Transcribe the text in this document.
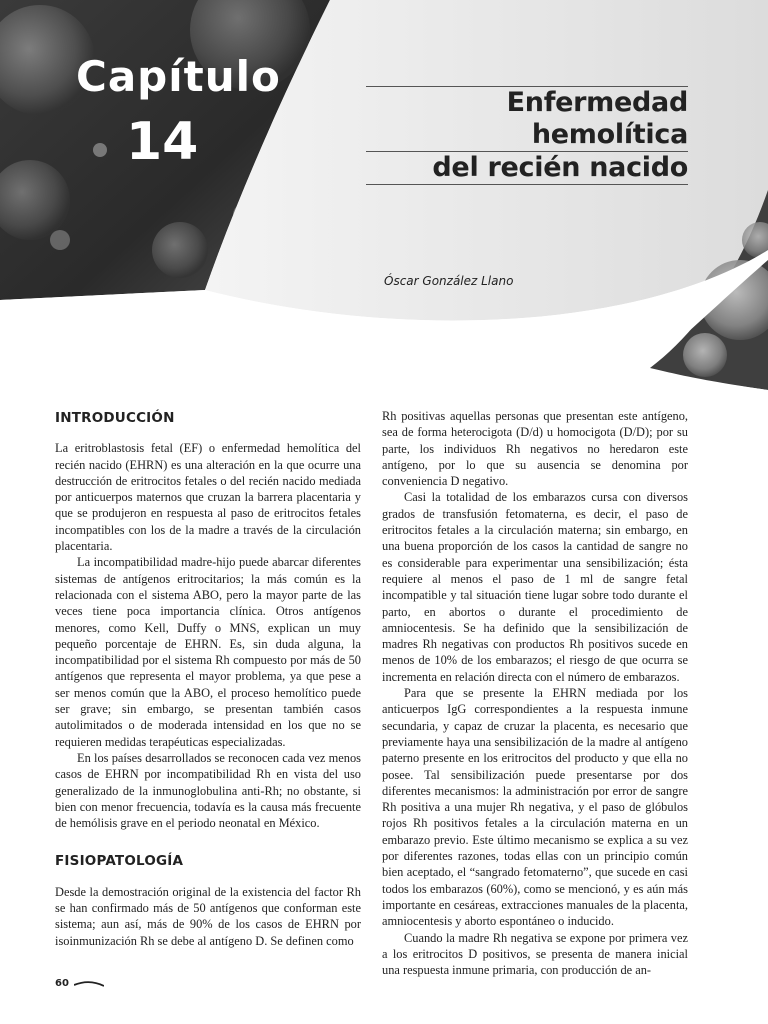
Capítulo
14
Enfermedad hemolítica
del recién nacido
Óscar González Llano
INTRODUCCIÓN

La eritroblastosis fetal (EF) o enfermedad hemolítica del recién nacido (EHRN) es una alteración en la que ocurre una destrucción de eritrocitos fetales o del recién nacido mediada por anticuerpos maternos que cruzan la barrera placentaria y que se produjeron en respuesta al paso de eritrocitos fetales incompatibles con los de la madre a través de la circulación placentaria.

La incompatibilidad madre-hijo puede abarcar diferentes sistemas de antígenos eritrocitarios; la más común es la relacionada con el sistema ABO, pero la mayor parte de las veces tiene poca importancia clínica. Otros antígenos menores, como Kell, Duffy o MNS, explican un muy pequeño porcentaje de EHRN. Es, sin duda alguna, la incompatibilidad por el sistema Rh compuesto por más de 50 antígenos que representa el mayor problema, ya que pese a ser menos común que la ABO, el proceso hemolítico puede ser grave; sin embargo, se presentan también casos autolimitados o de moderada intensidad en los que no se requieren medidas terapéuticas especializadas.

En los países desarrollados se reconocen cada vez menos casos de EHRN por incompatibilidad Rh en vista del uso generalizado de la inmunoglobulina anti-Rh; no obstante, si bien con menor frecuencia, todavía es la causa más frecuente de hemólisis grave en el periodo neonatal en México.

FISIOPATOLOGÍA

Desde la demostración original de la existencia del factor Rh se han confirmado más de 50 antígenos que conforman este sistema; aun así, más de 90% de los casos de EHRN por isoinmunización Rh se debe al antígeno D. Se definen como

Rh positivas aquellas personas que presentan este antígeno, sea de forma heterocigota (D/d) u homocigota (D/D); por su parte, los individuos Rh negativos no heredaron este antígeno, por lo que su ausencia se denomina por conveniencia D negativo.

Casi la totalidad de los embarazos cursa con diversos grados de transfusión fetomaterna, es decir, el paso de eritrocitos fetales a la circulación materna; sin embargo, en una buena proporción de los casos la cantidad de sangre no es considerable para experimentar una sensibilización; ésta requiere al menos el paso de 1 ml de sangre fetal incompatible y tal situación tiene lugar sobre todo durante el parto, en abortos o durante el procedimiento de amniocentesis. Se ha definido que la sensibilización de madres Rh negativas con productos Rh positivos sucede en menos de 10% de los embarazos; el riesgo de que ocurra se incrementa en relación directa con el número de embarazos.

Para que se presente la EHRN mediada por los anticuerpos IgG correspondientes a la respuesta inmune secundaria, y capaz de cruzar la placenta, es necesario que previamente haya una sensibilización de la madre al antígeno paterno presente en los eritrocitos del producto y que ella no posee. Tal sensibilización puede presentarse por dos diferentes mecanismos: la administración por error de sangre Rh positiva a una mujer Rh negativa, y el paso de glóbulos rojos Rh positivos fetales a la circulación materna en un embarazo previo. Este último mecanismo se explica a su vez por diferentes razones, todas ellas con un principio común bien aceptado, el “sangrado fetomaterno”, que sucede en casi todos los embarazos (60%), como se mencionó, y es aún más importante en cesáreas, extracciones manuales de la placenta, amniocentesis y aborto espontáneo o inducido.

Cuando la madre Rh negativa se expone por primera vez a los eritrocitos D positivos, se presenta de manera inicial una respuesta inmune primaria, con producción de an-

60
